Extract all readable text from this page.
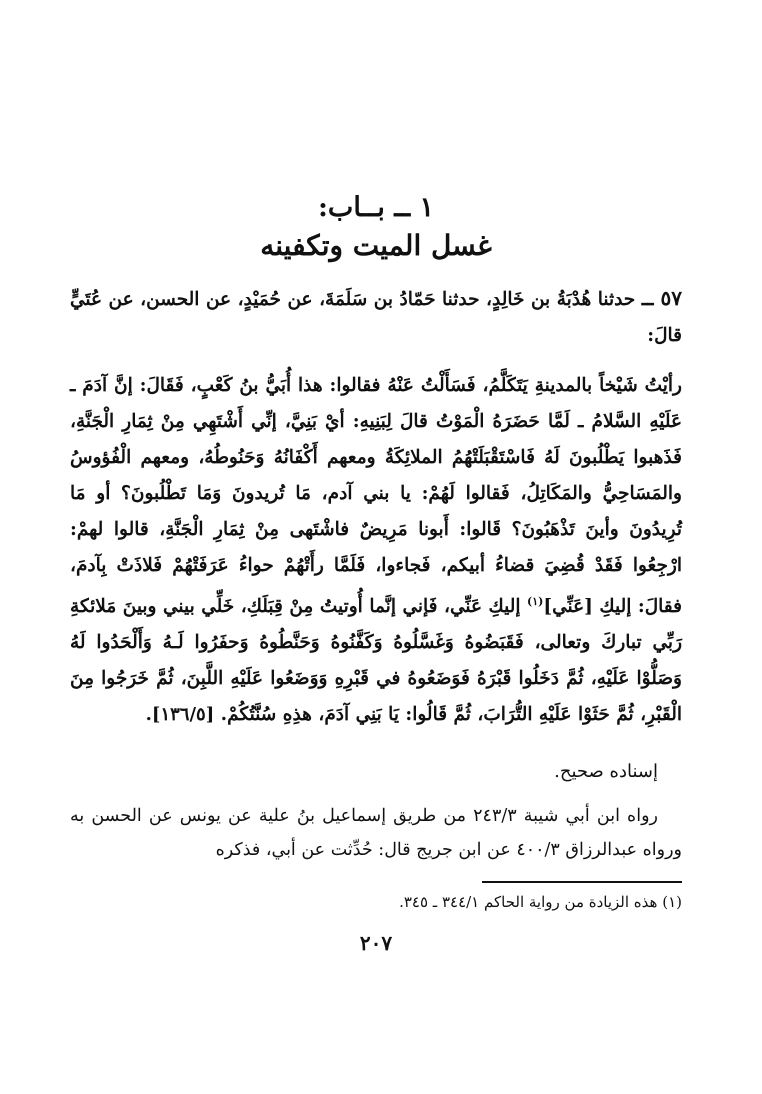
١ ــ بــاب:

غسل الميت وتكفينه

٥٧ ــ حدثنا هُدْبَةُ بن خَالِدٍ، حدثنا حَمّادُ بن سَلَمَةَ، عن حُمَيْدٍ، عن الحسن، عن عُتَيٍّ قالَ:

رأيْتُ شَيْخاً بالمدينةِ يَتَكَلَّمُ، فَسَأَلْتُ عَنْهُ فقالوا: هذا أُبَيُّ بنُ كَعْبٍ، فَقَالَ: إنَّ آدَمَ ـ عَلَيْهِ السَّلامُ ـ لَمَّا حَضَرَهُ الْمَوْتُ قالَ لِبَنِيهِ: أيْ بَنِيَّ، إنِّي أَشْتَهِي مِنْ ثِمَارِ الْجَنَّةِ، فَذَهبوا يَطْلُبونَ لَهُ فَاسْتَقْبَلَتْهُمُ الملائِكَةُ ومعهم أَكْفَانُهُ وَحَنُوطُهُ، ومعهم الْفُؤوسُ والمَسَاحِيُّ والمَكَاتِلُ، فَقالوا لَهُمْ: يا بني آدم، مَا تُريدونَ وَمَا تَطْلُبونَ؟ أو مَا تُرِيدُونَ وأينَ تَذْهَبُونَ؟ قَالوا: أَبونا مَرِيضٌ فاشْتَهى مِنْ ثِمَارِ الْجَنَّةِ، قالوا لهمْ: ارْجِعُوا فَقَدْ قُضِيَ قضاءُ أبيكم، فَجاءوا، فَلَمَّا رأَتْهُمْ حواءُ عَرَفَتْهُمْ فَلاذَتْ بِآدمَ، فقالَ: إليكِ [عَنِّي]$^{(١)}$ إليكِ عَنِّي، فَإني إنَّما أُوتيتُ مِنْ قِبَلَكِ، خَلِّي بيني وبينَ مَلائكةِ رَبِّي تباركَ وتعالى، فَقَبَضُوهُ وَغَسَّلُوهُ وَكَفَّنُوهُ وَحَنَّطُوهُ وَحفَرُوا لَـهُ وَأَلْحَدُوا لَهُ وَصَلُّوْا عَلَيْهِ، ثُمَّ دَخَلُوا قَبْرَهُ فَوَضَعُوهُ في قَبْرِهِ وَوَضَعُوا عَلَيْهِ اللَّبِنَ، ثُمَّ خَرَجُوا مِنَ الْقَبْرِ، ثُمَّ حَثَوْا عَلَيْهِ التُّرَابَ، ثُمَّ قَالُوا: يَا بَنِي آدَمَ، هذِهِ سُنَّتُكُمْ. [١٣٦/٥].

إسناده صحيح.

رواه ابن أبي شيبة ٢٤٣/٣ من طريق إسماعيل بنُ علية عن يونس عن الحسن به ورواه عبدالرزاق ٤٠٠/٣ عن ابن جريج قال: حُدِّثت عن أبي، فذكره

(١) هذه الزيادة من رواية الحاكم ٣٤٤/١ ـ ٣٤٥.

٢٠٧
